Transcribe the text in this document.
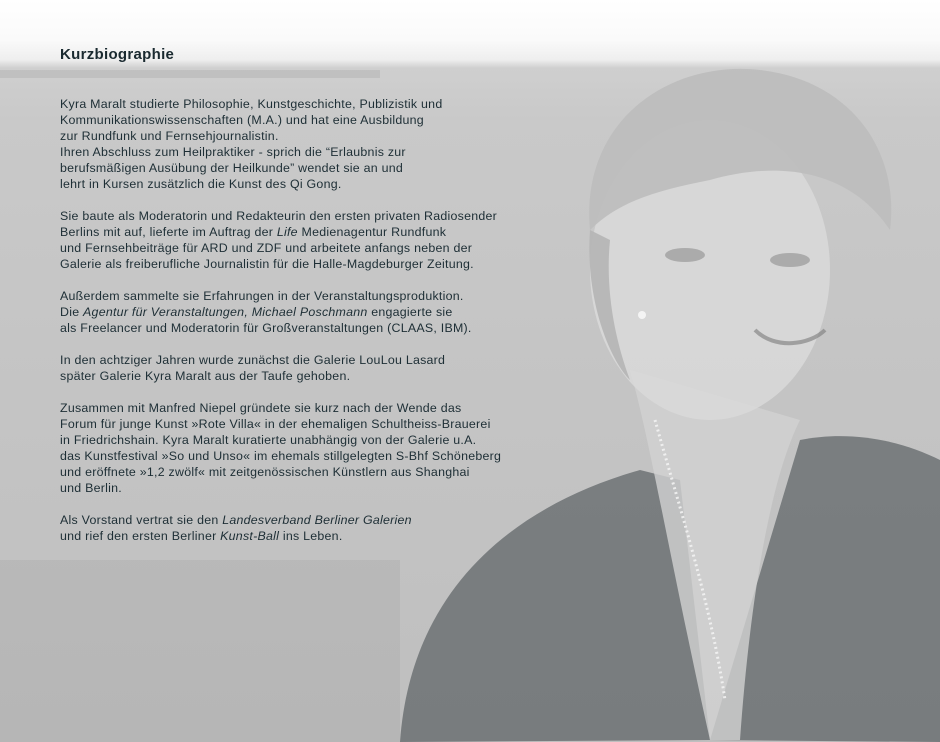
Kurzbiographie

Kyra Maralt studierte Philosophie, Kunstgeschichte, Publizistik und
Kommunikationswissenschaften (M.A.) und hat eine Ausbildung
zur Rundfunk und Fernsehjournalistin.
Ihren Abschluss zum Heilpraktiker - sprich die “Erlaubnis zur
berufsmäßigen Ausübung der Heilkunde” wendet sie an und
lehrt in Kursen zusätzlich die Kunst des Qi Gong.

Sie baute als Moderatorin und Redakteurin den ersten privaten Radiosender
Berlins mit auf, lieferte im Auftrag der Life Medienagentur Rundfunk
und Fernsehbeiträge für ARD und ZDF und arbeitete anfangs neben der
Galerie als freiberufliche Journalistin für die Halle-Magdeburger Zeitung.

Außerdem sammelte sie Erfahrungen in der Veranstaltungsproduktion.
Die Agentur für Veranstaltungen, Michael Poschmann engagierte sie
als Freelancer und Moderatorin für Großveranstaltungen (CLAAS, IBM).

In den achtziger Jahren wurde zunächst die Galerie LouLou Lasard
später Galerie Kyra Maralt aus der Taufe gehoben.

Zusammen mit Manfred Niepel gründete sie kurz nach der Wende das
Forum für junge Kunst »Rote Villa« in der ehemaligen Schultheiss-Brauerei
in Friedrichshain. Kyra Maralt kuratierte unabhängig von der Galerie u.A.
das Kunstfestival »So und Unso« im ehemals stillgelegten S-Bhf Schöneberg
und eröffnete »1,2 zwölf« mit zeitgenössischen Künstlern aus Shanghai
und Berlin.

Als Vorstand vertrat sie den Landesverband Berliner Galerien
und rief den ersten Berliner Kunst-Ball ins Leben.
